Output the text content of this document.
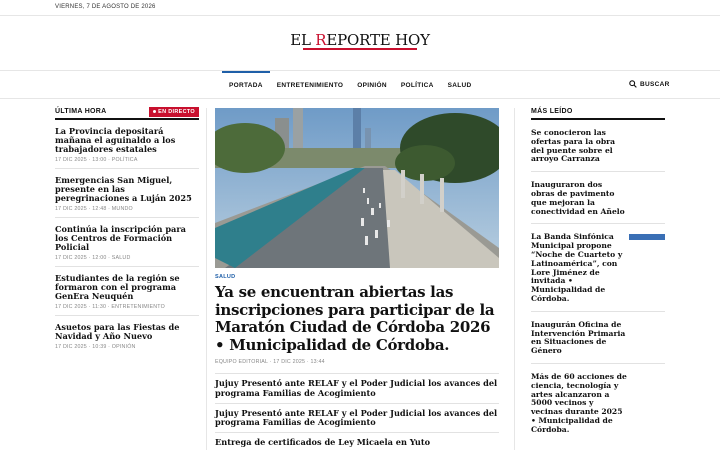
VIERNES, 7 DE AGOSTO DE 2026
EL REPORTE HOY
PORTADA	ENTRETENIMIENTO	OPINIÓN	POLÍTICA	SALUD	BUSCAR
ÚLTIMA HORA	EN DIRECTO
La Provincia depositará mañana el aguinaldo a los trabajadores estatales
17 DIC 2025 · 13:00 · POLÍTICA
Emergencias San Miguel, presente en las peregrinaciones a Luján 2025
17 DIC 2025 · 12:48 · MUNDO
Continúa la inscripción para los Centros de Formación Policial
17 DIC 2025 · 12:00 · SALUD
Estudiantes de la región se formaron con el programa GenEra Neuquén
17 DIC 2025 · 11:30 · ENTRETENIMIENTO
Asuetos para las Fiestas de Navidad y Año Nuevo
17 DIC 2025 · 10:39 · OPINIÓN
SALUD
Ya se encuentran abiertas las inscripciones para participar de la Maratón Ciudad de Córdoba 2026 • Municipalidad de Córdoba.
EQUIPO EDITORIAL · 17 DIC 2025 · 13:44
Jujuy Presentó ante RELAF y el Poder Judicial los avances del programa Familias de Acogimiento
Jujuy Presentó ante RELAF y el Poder Judicial los avances del programa Familias de Acogimiento
Entrega de certificados de Ley Micaela en Yuto
MÁS LEÍDO
Se conocieron las ofertas para la obra del puente sobre el arroyo Carranza
Inauguraron dos obras de pavimento que mejoran la conectividad en Añelo
La Banda Sinfónica Municipal propone “Noche de Cuarteto y Latinoamérica”, con Lore Jiménez de invitada • Municipalidad de Córdoba.
Inaugurán Oficina de Intervención Primaria en Situaciones de Género
Más de 60 acciones de ciencia, tecnología y artes alcanzaron a 5000 vecinos y vecinas durante 2025 • Municipalidad de Córdoba.
